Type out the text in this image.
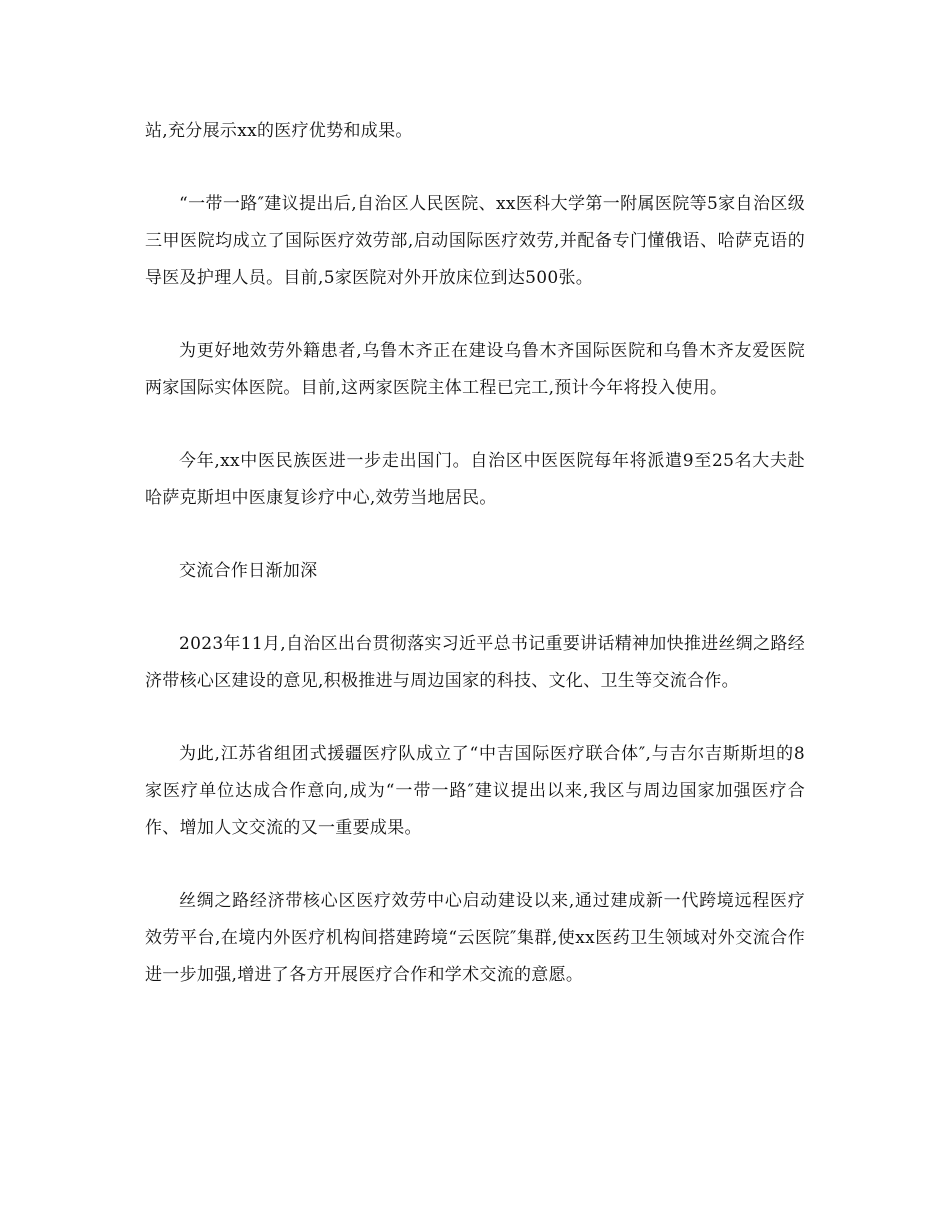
站,充分展示xx的医疗优势和成果。

“一带一路″建议提出后,自治区人民医院、xx医科大学第一附属医院等5家自治区级三甲医院均成立了国际医疗效劳部,启动国际医疗效劳,并配备专门懂俄语、哈萨克语的导医及护理人员。目前,5家医院对外开放床位到达500张。

为更好地效劳外籍患者,乌鲁木齐正在建设乌鲁木齐国际医院和乌鲁木齐友爱医院两家国际实体医院。目前,这两家医院主体工程已完工,预计今年将投入使用。

今年,xx中医民族医进一步走出国门。自治区中医医院每年将派遣9至25名大夫赴哈萨克斯坦中医康复诊疗中心,效劳当地居民。

交流合作日渐加深

2023年11月,自治区出台贯彻落实习近平总书记重要讲话精神加快推进丝绸之路经济带核心区建设的意见,积极推进与周边国家的科技、文化、卫生等交流合作。

为此,江苏省组团式援疆医疗队成立了“中吉国际医疗联合体″,与吉尔吉斯斯坦的8家医疗单位达成合作意向,成为“一带一路″建议提出以来,我区与周边国家加强医疗合作、增加人文交流的又一重要成果。

丝绸之路经济带核心区医疗效劳中心启动建设以来,通过建成新一代跨境远程医疗效劳平台,在境内外医疗机构间搭建跨境“云医院″集群,使xx医药卫生领域对外交流合作进一步加强,增进了各方开展医疗合作和学术交流的意愿。
